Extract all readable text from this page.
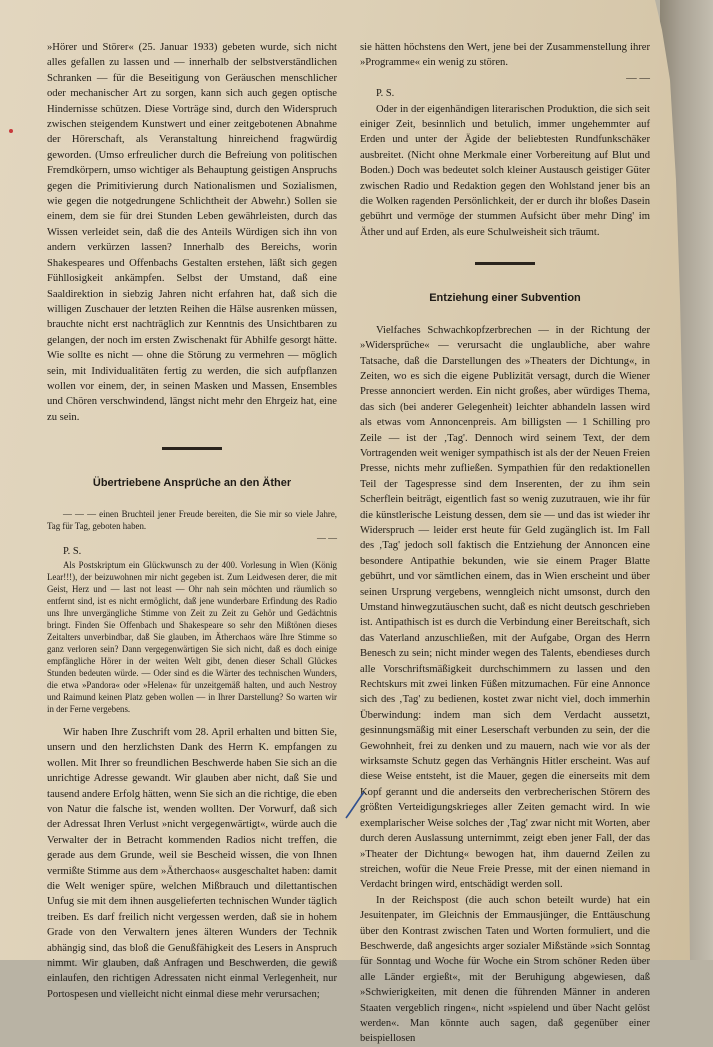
»Hörer und Störer« (25. Januar 1933) gebeten wurde, sich nicht alles gefallen zu lassen und — innerhalb der selbstverständlichen Schranken — für die Beseitigung von Geräuschen menschlicher oder mechanischer Art zu sorgen, kann sich auch gegen optische Hindernisse schützen. Diese Vorträge sind, durch den Widerspruch zwischen steigendem Kunstwert und einer zeitgebotenen Abnahme der Hörerschaft, als Veranstaltung hinreichend fragwürdig geworden. (Umso erfreulicher durch die Befreiung von politischen Fremdkörpern, umso wichtiger als Behauptung geistigen Anspruchs gegen die Primitivierung durch Nationalismen und Sozialismen, wie gegen die notgedrungene Schlichtheit der Abwehr.) Sollen sie einem, dem sie für drei Stunden Leben gewährleisten, durch das Wissen verleidet sein, daß die des Anteils Würdigen sich ihn von andern verkürzen lassen? Innerhalb des Bereichs, worin Shakespeares und Offenbachs Gestalten erstehen, läßt sich gegen Fühllosigkeit ankämpfen. Selbst der Umstand, daß eine Saaldirektion in siebzig Jahren nicht erfahren hat, daß sich die willigen Zuschauer der letzten Reihen die Hälse ausrenken müssen, brauchte nicht erst nachträglich zur Kenntnis des Unsichtbaren zu gelangen, der noch im ersten Zwischenakt für Abhilfe gesorgt hätte. Wie sollte es nicht — ohne die Störung zu vermehren — möglich sein, mit Individualitäten fertig zu werden, die sich aufpflanzen wollen vor einem, der, in seinen Masken und Massen, Ensembles und Chören verschwindend, längst nicht mehr den Ehrgeiz hat, eine zu sein.

Übertriebene Ansprüche an den Äther

— — — einen Bruchteil jener Freude bereiten, die Sie mir so viele Jahre, Tag für Tag, geboten haben.

— —

P. S.

Als Postskriptum ein Glückwunsch zu der 400. Vorlesung in Wien (König Lear!!!), der beizuwohnen mir nicht gegeben ist. Zum Leidwesen derer, die mit Geist, Herz und — last not least — Ohr nah sein möchten und räumlich so entfernt sind, ist es nicht ermöglicht, daß jene wunderbare Erfindung des Radio uns Ihre unvergängliche Stimme von Zeit zu Zeit zu Gehör und Gedächtnis bringt. Finden Sie Offenbach und Shakespeare so sehr den Mißtönen dieses Zeitalters unverbindbar, daß Sie glauben, im Ätherchaos wäre Ihre Stimme so ganz verloren sein? Dann vergegenwärtigen Sie sich nicht, daß es doch einige empfängliche Hörer in der weiten Welt gibt, denen dieser Schall Glückes Stunden bedeuten würde. — Oder sind es die Wärter des technischen Wunders, die etwa »Pandora« oder »Helena« für unzeitgemäß halten, und auch Nestroy und Raimund keinen Platz geben wollen — in Ihrer Darstellung? So warten wir in der Ferne vergebens.

Wir haben Ihre Zuschrift vom 28. April erhalten und bitten Sie, unsern und den herzlichsten Dank des Herrn K. empfangen zu wollen. Mit Ihrer so freundlichen Beschwerde haben Sie sich an die unrichtige Adresse gewandt. Wir glauben aber nicht, daß Sie und tausend andere Erfolg hätten, wenn Sie sich an die richtige, die eben von Natur die falsche ist, wenden wollten. Der Vorwurf, daß sich der Adressat Ihren Verlust »nicht vergegenwärtigt«, würde auch die Verwalter der in Betracht kommenden Radios nicht treffen, die gerade aus dem Grunde, weil sie Bescheid wissen, die von Ihnen vermißte Stimme aus dem »Ätherchaos« ausgeschaltet haben: damit die Welt weniger spüre, welchen Mißbrauch und dilettantischen Unfug sie mit dem ihnen ausgelieferten technischen Wunder täglich treiben. Es darf freilich nicht vergessen werden, daß sie in hohem Grade von den Verwaltern jenes älteren Wunders der Technik abhängig sind, das bloß die Genußfähigkeit des Lesers in Anspruch nimmt. Wir glauben, daß Anfragen und Beschwerden, die gewiß einlaufen, den richtigen Adressaten nicht einmal Verlegenheit, nur Portospesen und vielleicht nicht einmal diese mehr verursachen;

sie hätten höchstens den Wert, jene bei der Zusammenstellung ihrer »Programme« ein wenig zu stören.

— —

P. S.

Oder in der eigenhändigen literarischen Produktion, die sich seit einiger Zeit, besinnlich und betulich, immer ungehemmter auf Erden und unter der Ägide der beliebtesten Rundfunkschäker ausbreitet. (Nicht ohne Merkmale einer Vorbereitung auf Blut und Boden.) Doch was bedeutet solch kleiner Austausch geistiger Güter zwischen Radio und Redaktion gegen den Wohlstand jener bis an die Wolken ragenden Persönlichkeit, der er durch ihr bloßes Dasein gebührt und vermöge der stummen Aufsicht über mehr Ding' im Äther und auf Erden, als eure Schulweisheit sich träumt.

Entziehung einer Subvention

Vielfaches Schwachkopfzerbrechen — in der Richtung der »Widersprüche« — verursacht die unglaubliche, aber wahre Tatsache, daß die Darstellungen des »Theaters der Dichtung«, in Zeiten, wo es sich die eigene Publizität versagt, durch die Wiener Presse annonciert werden. Ein nicht großes, aber würdiges Thema, das sich (bei anderer Gelegenheit) leichter abhandeln lassen wird als etwas vom Annoncenpreis. Am billigsten — 1 Schilling pro Zeile — ist der ‚Tag'. Dennoch wird seinem Text, der dem Vortragenden weit weniger sympathisch ist als der der Neuen Freien Presse, nichts mehr zufließen. Sympathien für den redaktionellen Teil der Tagespresse sind dem Inserenten, der zu ihm sein Scherflein beiträgt, eigentlich fast so wenig zuzutrauen, wie ihr für die künstlerische Leistung dessen, dem sie — und das ist wieder ihr Widerspruch — leider erst heute für Geld zugänglich ist. Im Fall des ‚Tag' jedoch soll faktisch die Entziehung der Annoncen eine besondere Antipathie bekunden, wie sie einem Prager Blatte gebührt, und vor sämtlichen einem, das in Wien erscheint und über seinen Ursprung vergebens, wenngleich nicht umsonst, durch den Umstand hinwegzutäuschen sucht, daß es nicht deutsch geschrieben ist. Antipathisch ist es durch die Verbindung einer Bereitschaft, sich das Vaterland anzuschließen, mit der Aufgabe, Organ des Herrn Benesch zu sein; nicht minder wegen des Talents, ebendieses durch alle Vorschriftsmäßigkeit durchschimmern zu lassen und den Rechtskurs mit zwei linken Füßen mitzumachen. Für eine Annonce sich des ‚Tag' zu bedienen, kostet zwar nicht viel, doch immerhin Überwindung: indem man sich dem Verdacht aussetzt, gesinnungsmäßig mit einer Leserschaft verbunden zu sein, der die Gewohnheit, frei zu denken und zu mauern, nach wie vor als der wirksamste Schutz gegen das Verhängnis Hitler erscheint. Was auf diese Weise entsteht, ist die Mauer, gegen die einerseits mit dem Kopf gerannt und die anderseits den verbrecherischen Störern des größten Verteidigungskrieges aller Zeiten gemacht wird. In wie exemplarischer Weise solches der ‚Tag' zwar nicht mit Worten, aber durch deren Auslassung unternimmt, zeigt eben jener Fall, der das »Theater der Dichtung« bewogen hat, ihm dauernd Zeilen zu streichen, wofür die Neue Freie Presse, mit der einen niemand in Verdacht bringen wird, entschädigt werden soll.

In der Reichspost (die auch schon beteilt wurde) hat ein Jesuitenpater, im Gleichnis der Emmausjünger, die Enttäuschung über den Kontrast zwischen Taten und Worten formuliert, und die Beschwerde, daß angesichts arger sozialer Mißstände »sich Sonntag für Sonntag und Woche für Woche ein Strom schöner Reden über alle Länder ergießt«, mit der Beruhigung abgewiesen, daß »Schwierigkeiten, mit denen die führenden Männer in anderen Staaten vergeblich ringen«, nicht »spielend und über Nacht gelöst werden«. Man könnte auch sagen, daß gegenüber einer beispiellosen
